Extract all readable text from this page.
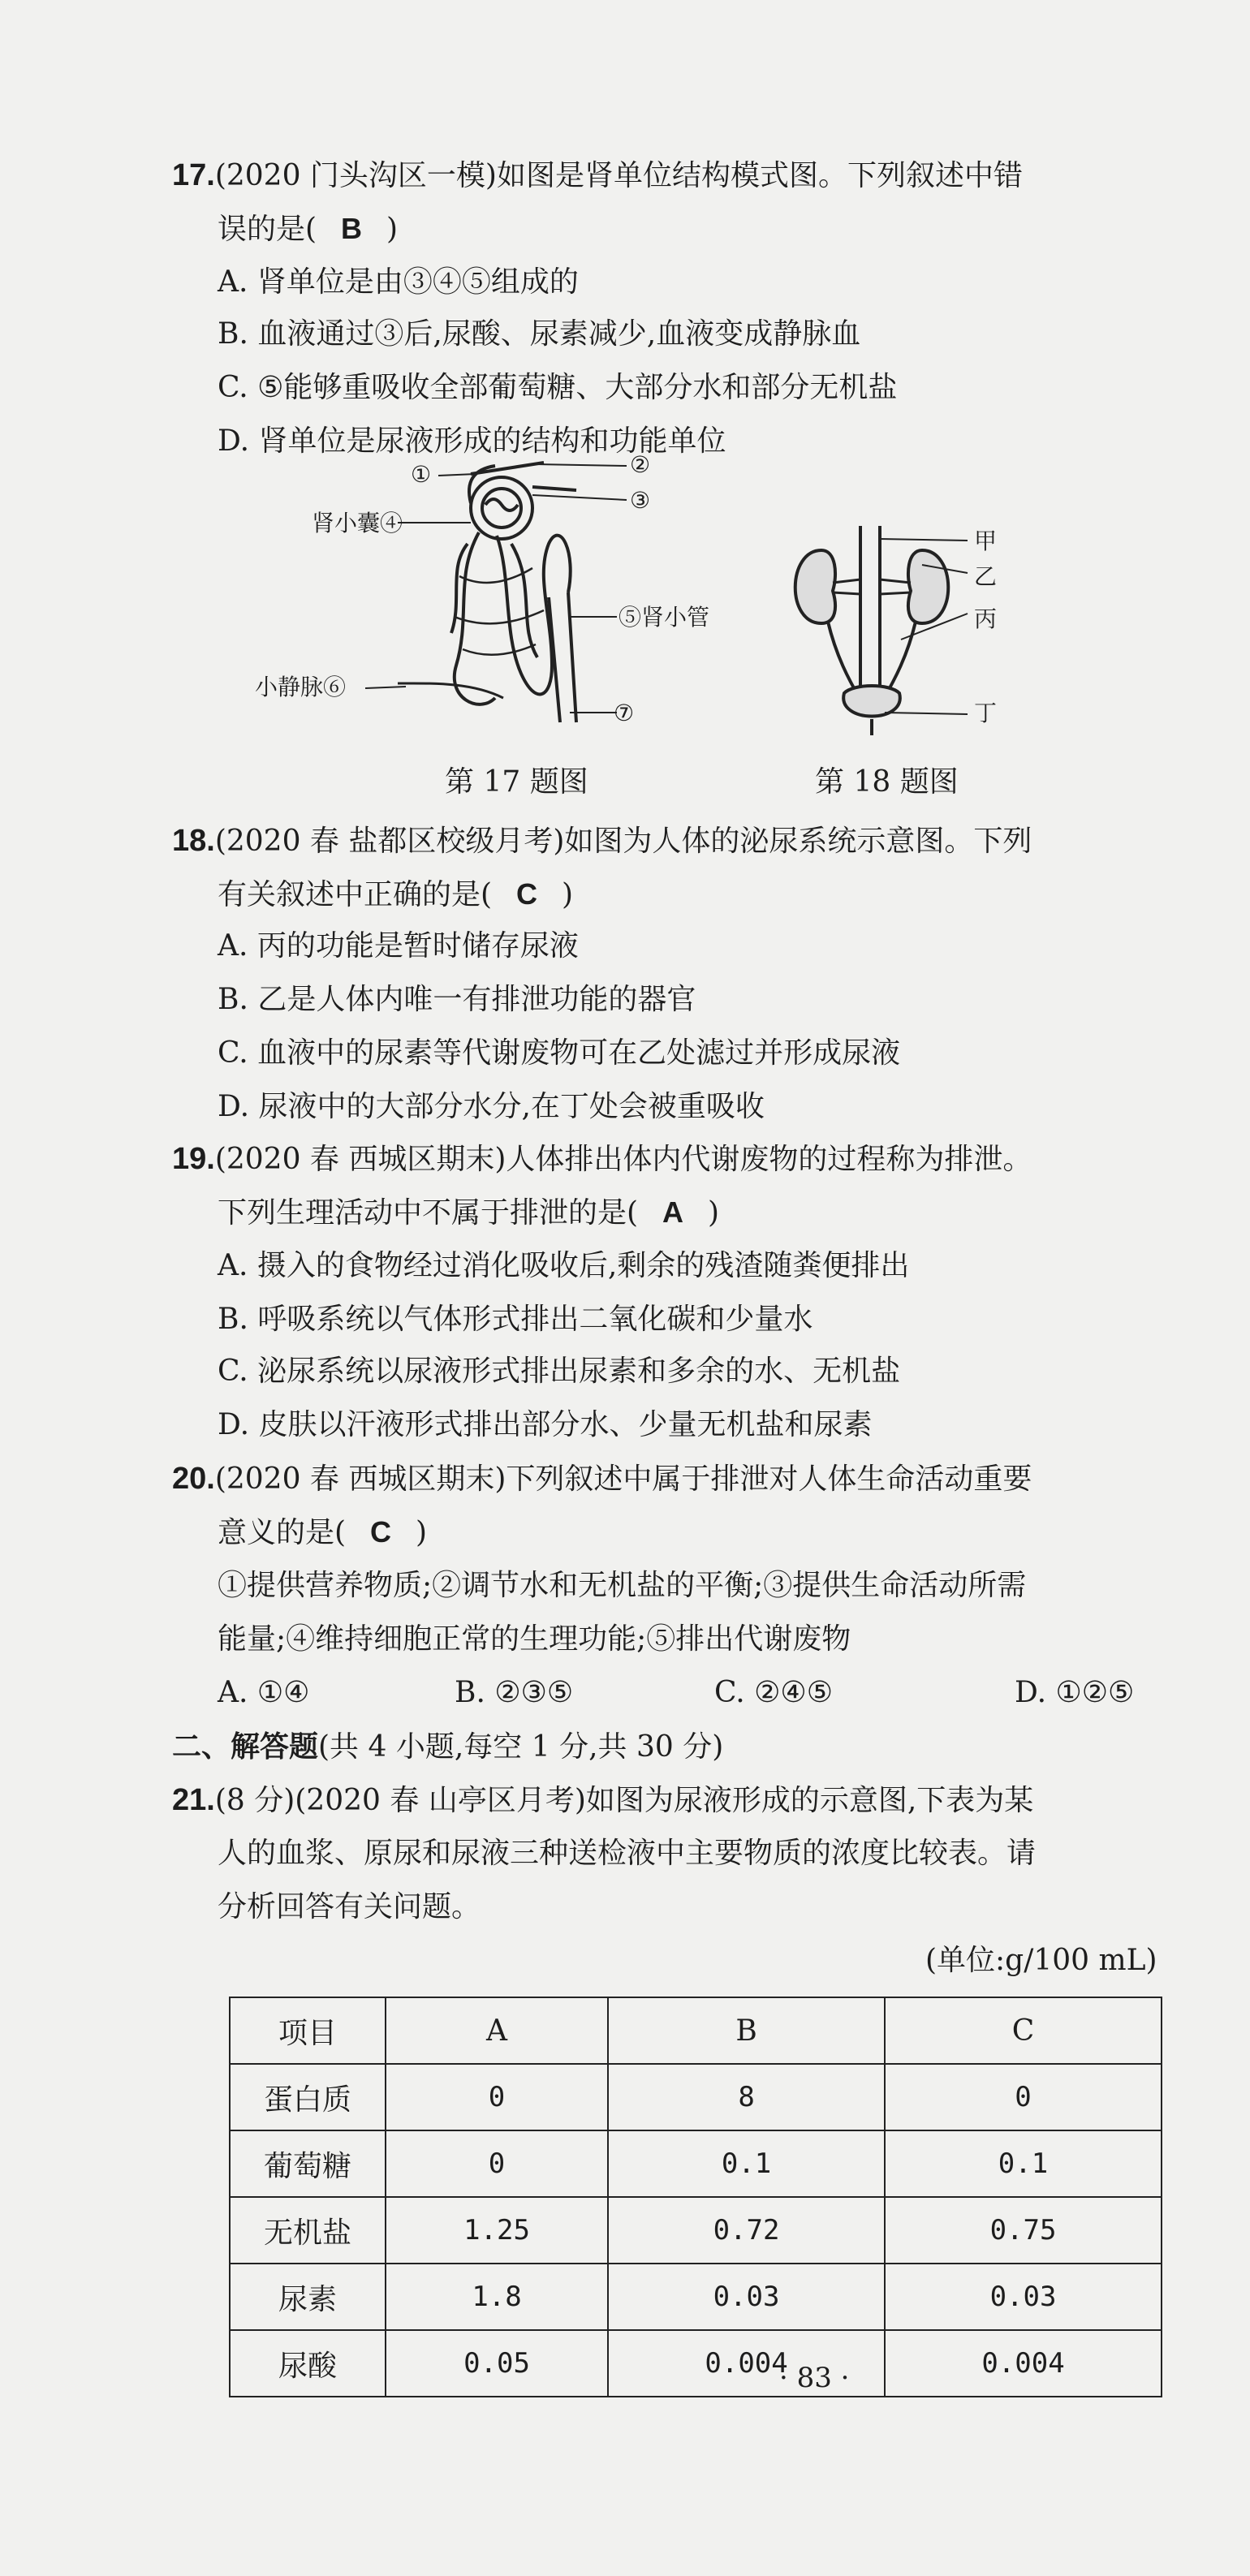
17.(2020 门头沟区一模)如图是肾单位结构模式图。下列叙述中错
误的是( B )
A. 肾单位是由③④⑤组成的
B. 血液通过③后,尿酸、尿素减少,血液变成静脉血
C. ⑤能够重吸收全部葡萄糖、大部分水和部分无机盐
D. 肾单位是尿液形成的结构和功能单位
①	②
③
肾小囊④
⑤肾小管
小静脉⑥
⑦
第 17 题图
甲
乙
丙
丁
第 18 题图
18.(2020 春 盐都区校级月考)如图为人体的泌尿系统示意图。下列
有关叙述中正确的是( C )
A. 丙的功能是暂时储存尿液
B. 乙是人体内唯一有排泄功能的器官
C. 血液中的尿素等代谢废物可在乙处滤过并形成尿液
D. 尿液中的大部分水分,在丁处会被重吸收
19.(2020 春 西城区期末)人体排出体内代谢废物的过程称为排泄。
下列生理活动中不属于排泄的是( A )
A. 摄入的食物经过消化吸收后,剩余的残渣随粪便排出
B. 呼吸系统以气体形式排出二氧化碳和少量水
C. 泌尿系统以尿液形式排出尿素和多余的水、无机盐
D. 皮肤以汗液形式排出部分水、少量无机盐和尿素
20.(2020 春 西城区期末)下列叙述中属于排泄对人体生命活动重要
意义的是( C )
①提供营养物质;②调节水和无机盐的平衡;③提供生命活动所需
能量;④维持细胞正常的生理功能;⑤排出代谢废物
A. ①④	B. ②③⑤	C. ②④⑤	D. ①②⑤
二、解答题(共 4 小题,每空 1 分,共 30 分)
21.(8 分)(2020 春 山亭区月考)如图为尿液形成的示意图,下表为某
人的血浆、原尿和尿液三种送检液中主要物质的浓度比较表。请
分析回答有关问题。
(单位:g/100 mL)
项目	A	B	C
蛋白质	0	8	0
葡萄糖	0	0.1	0.1
无机盐	1.25	0.72	0.75
尿素	1.8	0.03	0.03
尿酸	0.05	0.004	0.004
· 83 ·
